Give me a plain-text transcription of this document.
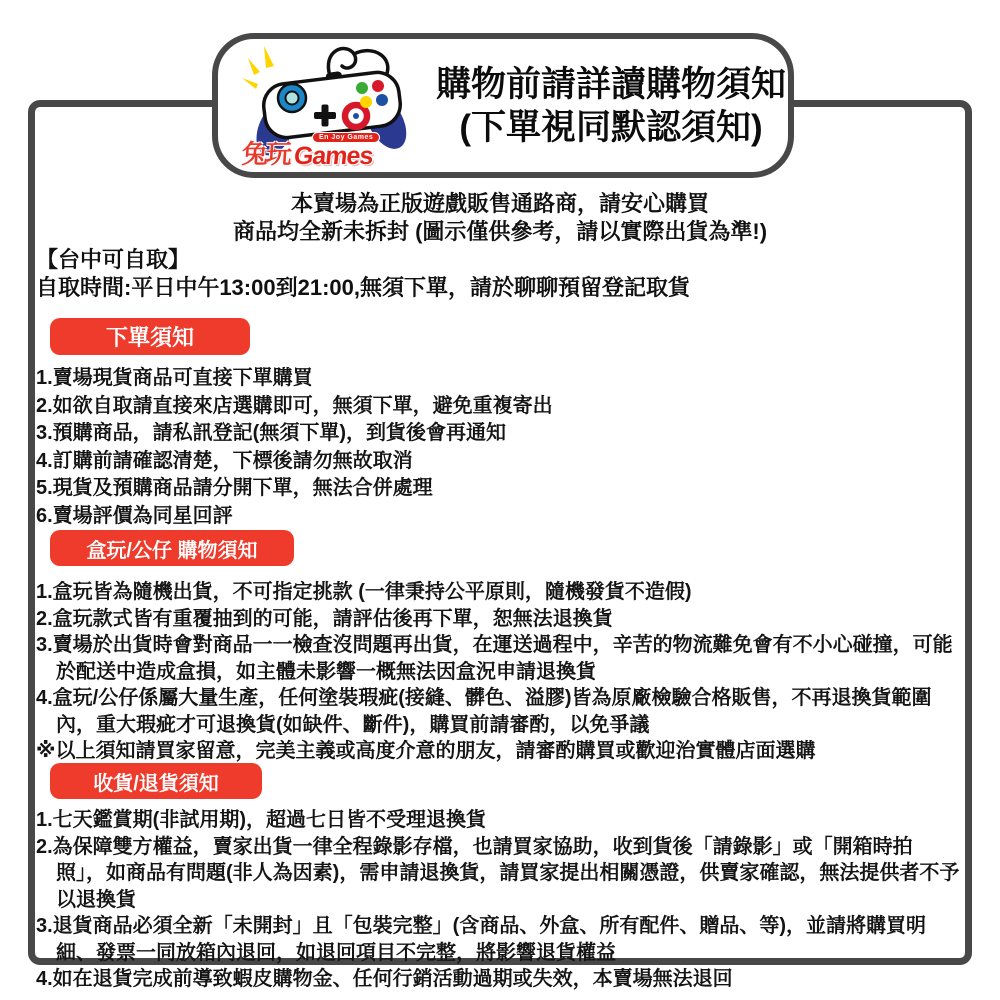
兔玩
En Joy Games
Games
購物前請詳讀購物須知
(下單視同默認須知)
本賣場為正版遊戲販售通路商，請安心購買
商品均全新未拆封 (圖示僅供參考，請以實際出貨為準!)
【台中可自取】
自取時間:平日中午13:00到21:00,無須下單，請於聊聊預留登記取貨
下單須知
1.賣場現貨商品可直接下單購買
2.如欲自取請直接來店選購即可，無須下單，避免重複寄出
3.預購商品，請私訊登記(無須下單)，到貨後會再通知
4.訂購前請確認清楚，下標後請勿無故取消
5.現貨及預購商品請分開下單，無法合併處理
6.賣場評價為同星回評
盒玩/公仔 購物須知
1.盒玩皆為隨機出貨，不可指定挑款 (一律秉持公平原則，隨機發貨不造假)
2.盒玩款式皆有重覆抽到的可能，請評估後再下單，恕無法退換貨
3.賣場於出貨時會對商品一一檢查沒問題再出貨，在運送過程中，辛苦的物流難免會有不小心碰撞，可能於配送中造成盒損，如主體未影響一概無法因盒況申請退換貨
4.盒玩/公仔係屬大量生產，任何塗裝瑕疵(接縫、髒色、溢膠)皆為原廠檢驗合格販售，不再退換貨範圍內，重大瑕疵才可退換貨(如缺件、斷件)，購買前請審酌，以免爭議
※以上須知請買家留意，完美主義或高度介意的朋友，請審酌購買或歡迎治實體店面選購
收貨/退貨須知
1.七天鑑賞期(非試用期)，超過七日皆不受理退換貨
2.為保障雙方權益，賣家出貨一律全程錄影存檔，也請買家協助，收到貨後「請錄影」或「開箱時拍照」，如商品有問題(非人為因素)，需申請退換貨，請買家提出相關憑證，供賣家確認，無法提供者不予以退換貨
3.退貨商品必須全新「未開封」且「包裝完整」(含商品、外盒、所有配件、贈品、等)，並請將購買明細、發票一同放箱內退回，如退回項目不完整，將影響退貨權益
4.如在退貨完成前導致蝦皮購物金、任何行銷活動過期或失效，本賣場無法退回
